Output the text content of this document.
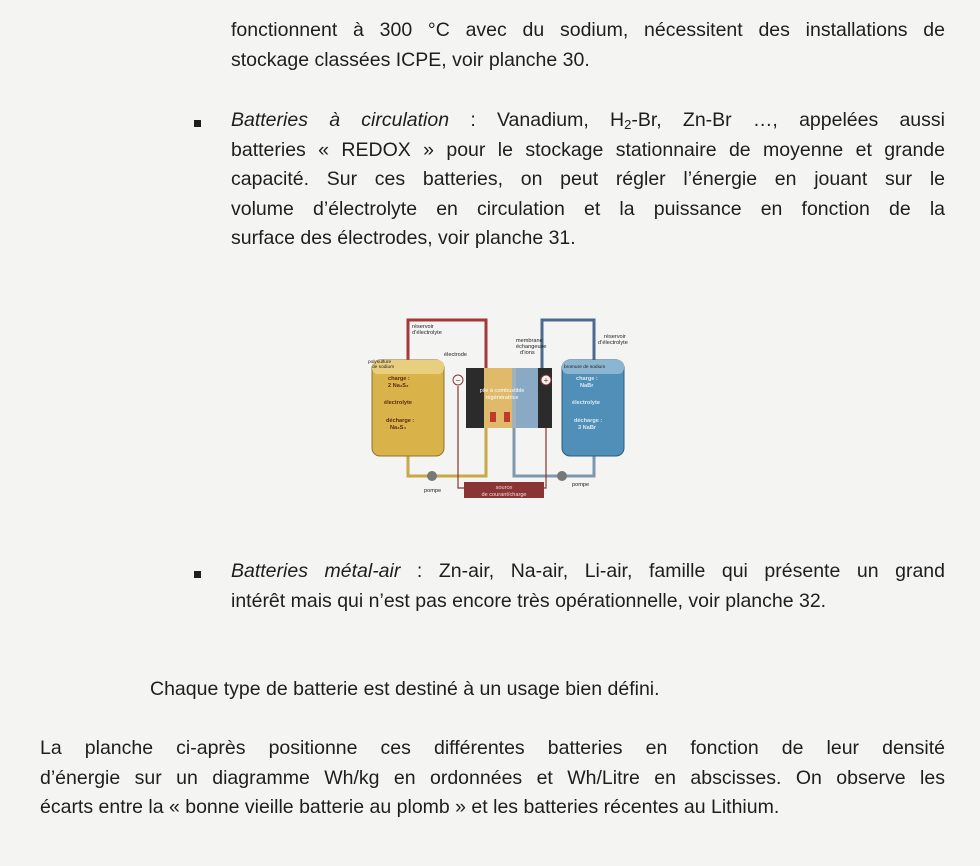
fonctionnent à 300 °C avec du sodium, nécessitent des installations de
stockage classées ICPE, voir planche 30.

Batteries à circulation : Vanadium, $H_2-Br$, Zn-Br …, appelées aussi
batteries « REDOX » pour le stockage stationnaire de moyenne et grande
capacité. Sur ces batteries, on peut régler l’énergie en jouant sur le
volume d’électrolyte en circulation et la puissance en fonction de la
surface des électrodes, voir planche 31.

−	+
réservoir
d’électrolyte
électrode
membrane
échangeuse
d’ions
réservoir
d’électrolyte
polysulfure
de sodium	bromure de sodium
pompe
pompe
charge :
2 Na₂S₂
électrolyte
décharge :
Na₂S₄
charge :
NaBr
électrolyte
décharge :
3 NaBr
pile à combustible
régénératrice
source
de courant/charge

Batteries métal-air : Zn-air, Na-air, Li-air, famille qui présente un grand
intérêt mais qui n’est pas encore très opérationnelle, voir planche 32.

Chaque type de batterie est destiné à un usage bien défini.

La planche ci-après positionne ces différentes batteries en fonction de leur densité
d’énergie sur un diagramme Wh/kg en ordonnées et Wh/Litre en abscisses. On observe les
écarts entre la « bonne vieille batterie au plomb » et les batteries récentes au Lithium.
